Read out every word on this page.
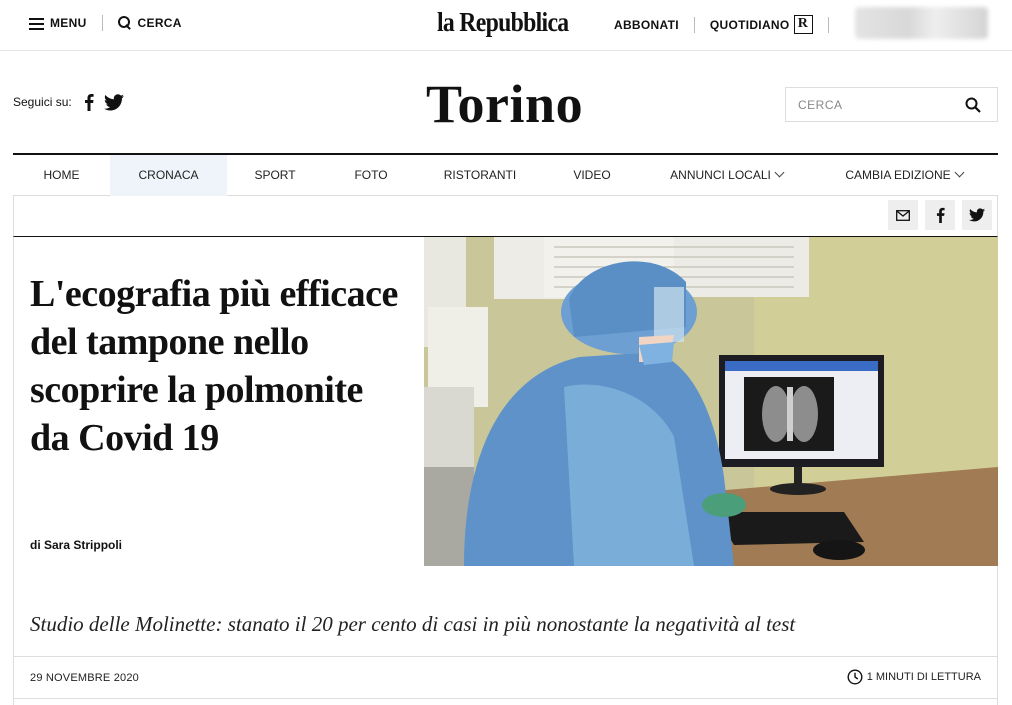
MENU	CERCA	la Repubblica	ABBONATI	QUOTIDIANO R
Seguici su:	Torino
CERCA
HOME	CRONACA	SPORT	FOTO	RISTORANTI	VIDEO	ANNUNCI LOCALI	CAMBIA EDIZIONE
L'ecografia più efficace del tampone nello scoprire la polmonite da Covid 19
di Sara Strippoli
Studio delle Molinette: stanato il 20 per cento di casi in più nonostante la negatività al test
29 NOVEMBRE 2020	1 MINUTI DI LETTURA
